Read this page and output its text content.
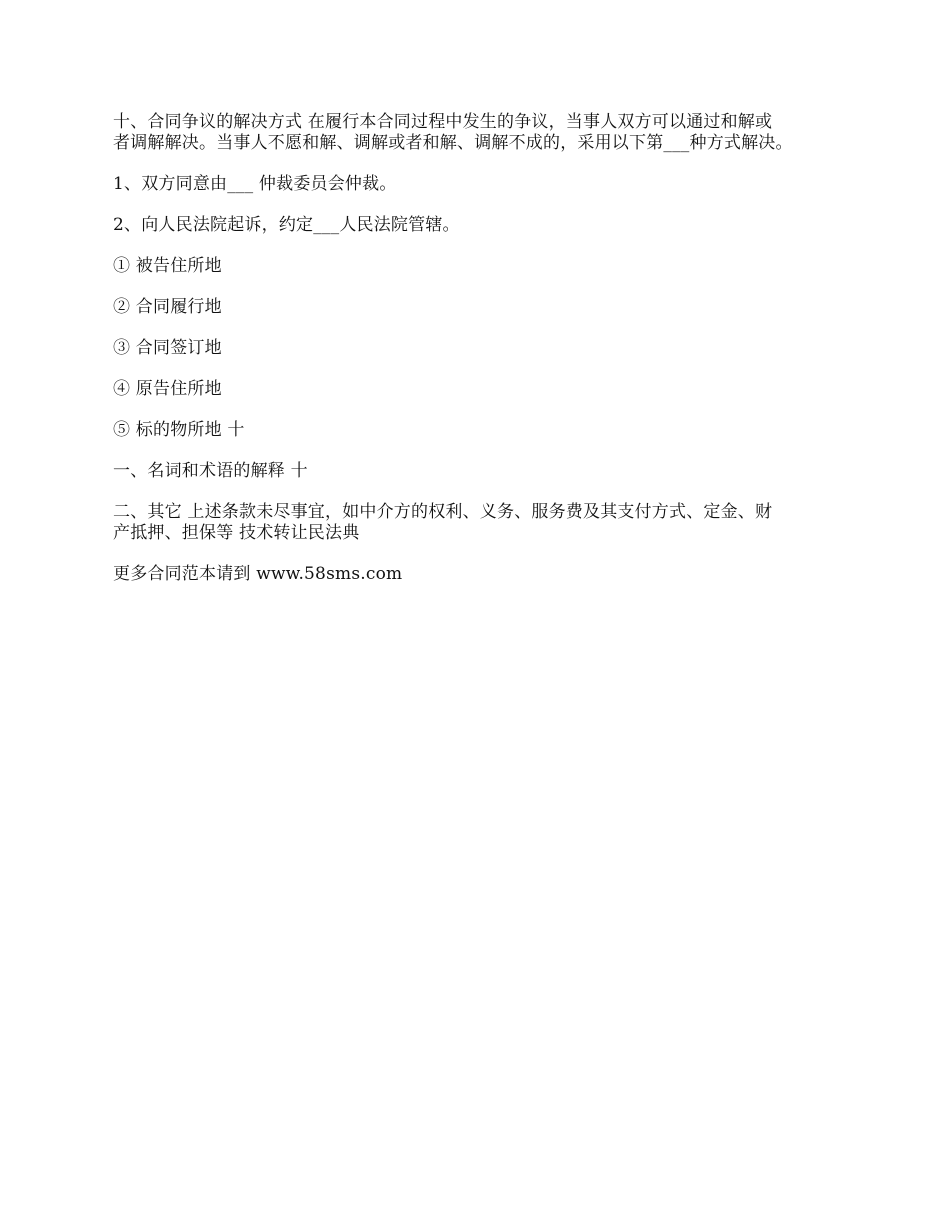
十、合同争议的解决方式 在履行本合同过程中发生的争议，当事人双方可以通过和解或
者调解解决。当事人不愿和解、调解或者和解、调解不成的，采用以下第___种方式解决。

1、双方同意由___ 仲裁委员会仲裁。

2、向人民法院起诉，约定___人民法院管辖。

① 被告住所地

② 合同履行地

③ 合同签订地

④ 原告住所地

⑤ 标的物所地 十

一、名词和术语的解释 十

二、其它 上述条款未尽事宜，如中介方的权利、义务、服务费及其支付方式、定金、财
产抵押、担保等 技术转让民法典

更多合同范本请到 www.58sms.com
